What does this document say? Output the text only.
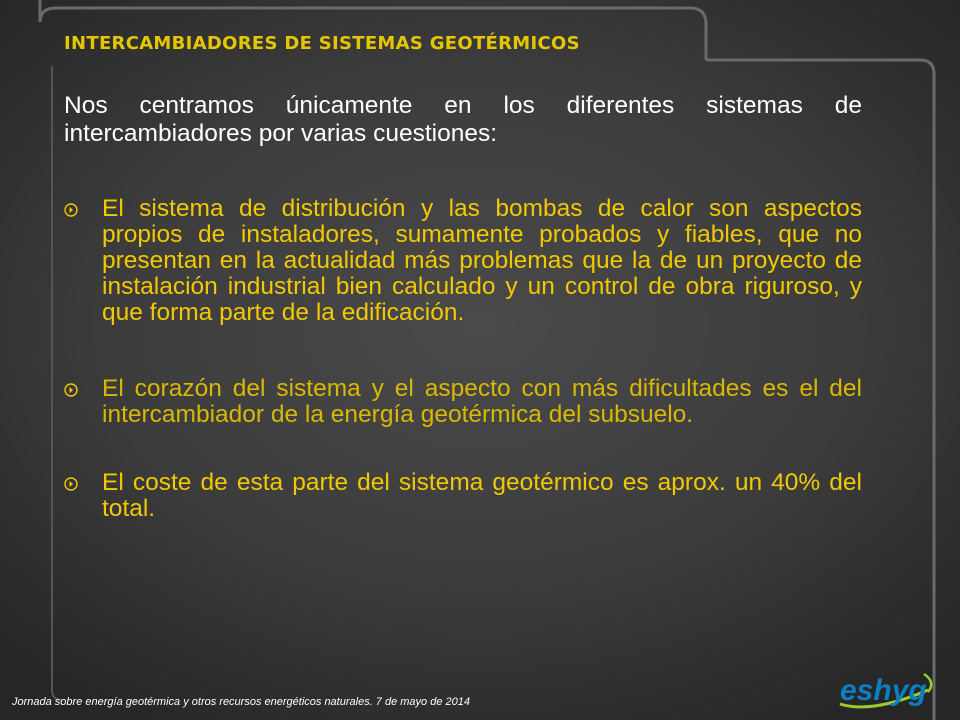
INTERCAMBIADORES DE SISTEMAS GEOTÉRMICOS
Nos centramos únicamente en los diferentes sistemas de intercambiadores por varias cuestiones:
El sistema de distribución y las bombas de calor son aspectos propios de instaladores, sumamente probados y fiables, que no presentan en la actualidad más problemas que la de un proyecto de instalación industrial bien calculado y un control de obra riguroso, y que forma parte de la edificación.
El corazón del sistema y el aspecto con más dificultades es el del intercambiador de la energía geotérmica del subsuelo.
El coste de esta parte del sistema geotérmico es aprox. un 40% del total.
Jornada sobre energía geotérmica y otros recursos energéticos naturales. 7 de mayo de 2014	eshyg
